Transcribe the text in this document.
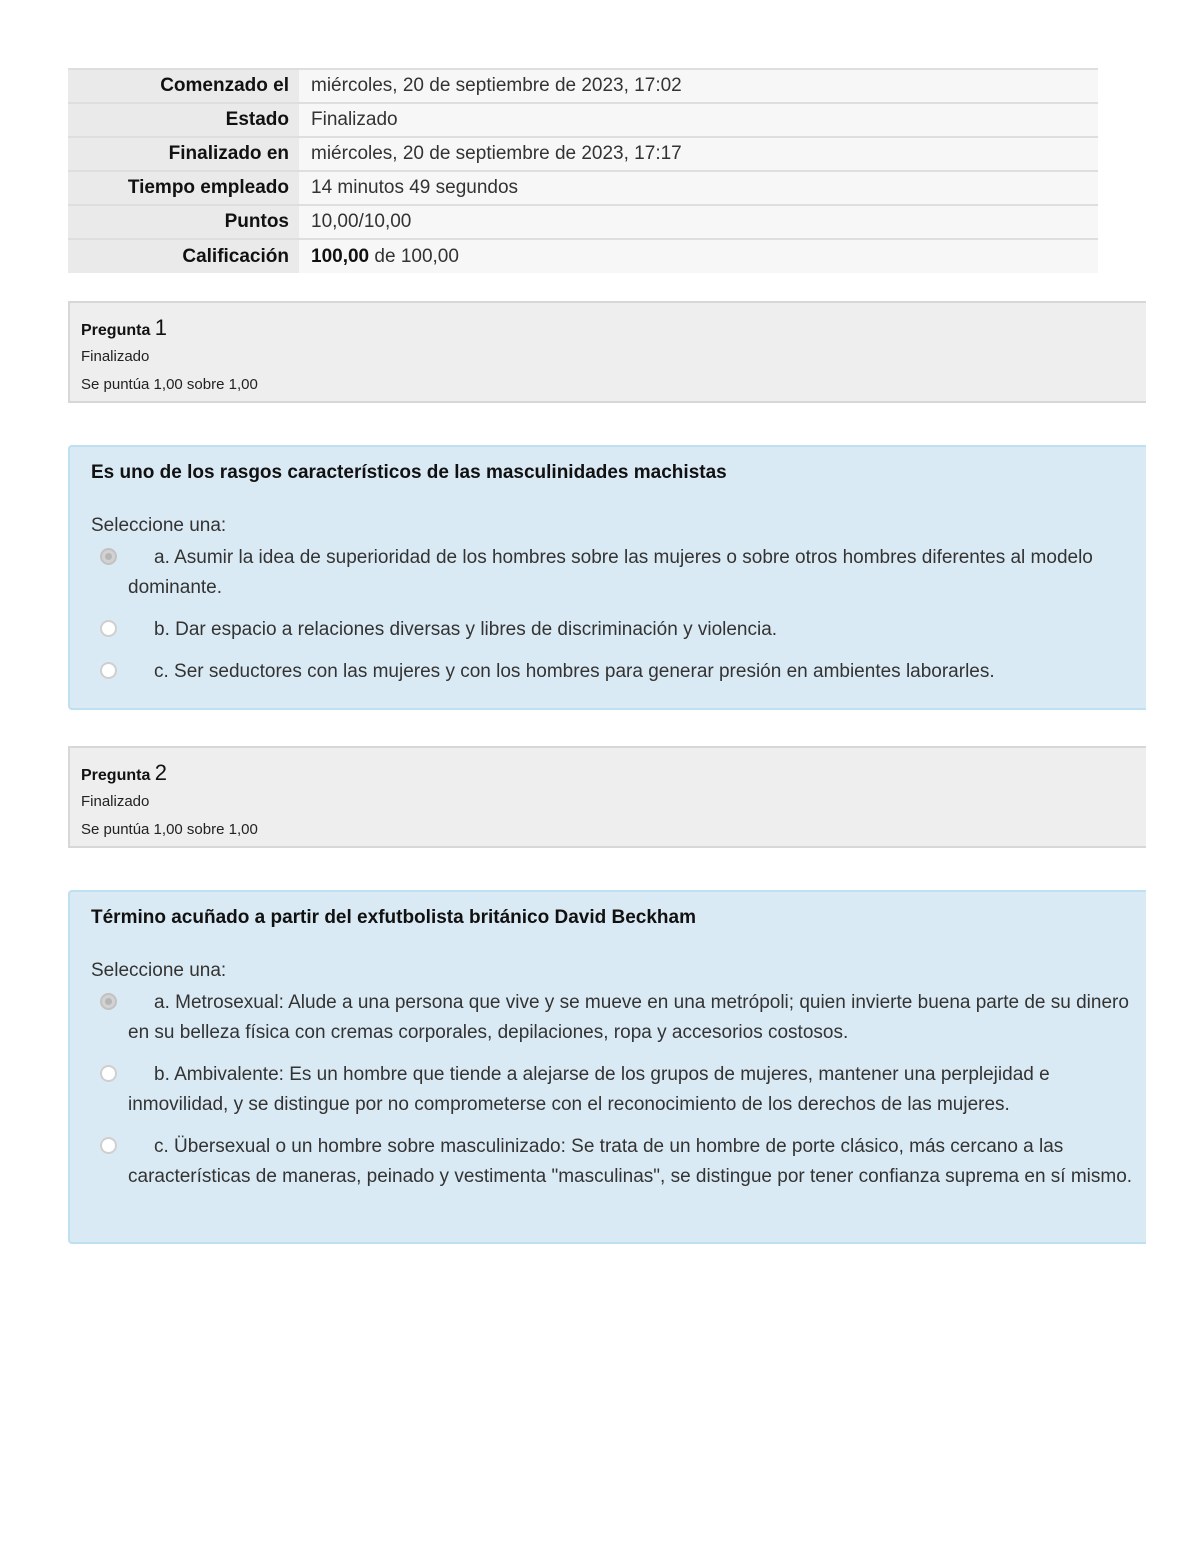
Comenzado el	miércoles, 20 de septiembre de 2023, 17:02
Estado	Finalizado
Finalizado en	miércoles, 20 de septiembre de 2023, 17:17
Tiempo empleado	14 minutos 49 segundos
Puntos	10,00/10,00
Calificación	100,00 de 100,00
Pregunta 1
Finalizado
Se puntúa 1,00 sobre 1,00
Es uno de los rasgos característicos de las masculinidades machistas
Seleccione una:
a. Asumir la idea de superioridad de los hombres sobre las mujeres o sobre otros hombres diferentes al modelo dominante.
b. Dar espacio a relaciones diversas y libres de discriminación y violencia.
c. Ser seductores con las mujeres y con los hombres para generar presión en ambientes laborarles.
Pregunta 2
Finalizado
Se puntúa 1,00 sobre 1,00
Término acuñado a partir del exfutbolista británico David Beckham
Seleccione una:
a. Metrosexual: Alude a una persona que vive y se mueve en una metrópoli; quien invierte buena parte de su dinero en su belleza física con cremas corporales, depilaciones, ropa y accesorios costosos.
b. Ambivalente: Es un hombre que tiende a alejarse de los grupos de mujeres, mantener una perplejidad e inmovilidad, y se distingue por no comprometerse con el reconocimiento de los derechos de las mujeres.
c. Übersexual o un hombre sobre masculinizado: Se trata de un hombre de porte clásico, más cercano a las características de maneras, peinado y vestimenta "masculinas", se distingue por tener confianza suprema en sí mismo.
